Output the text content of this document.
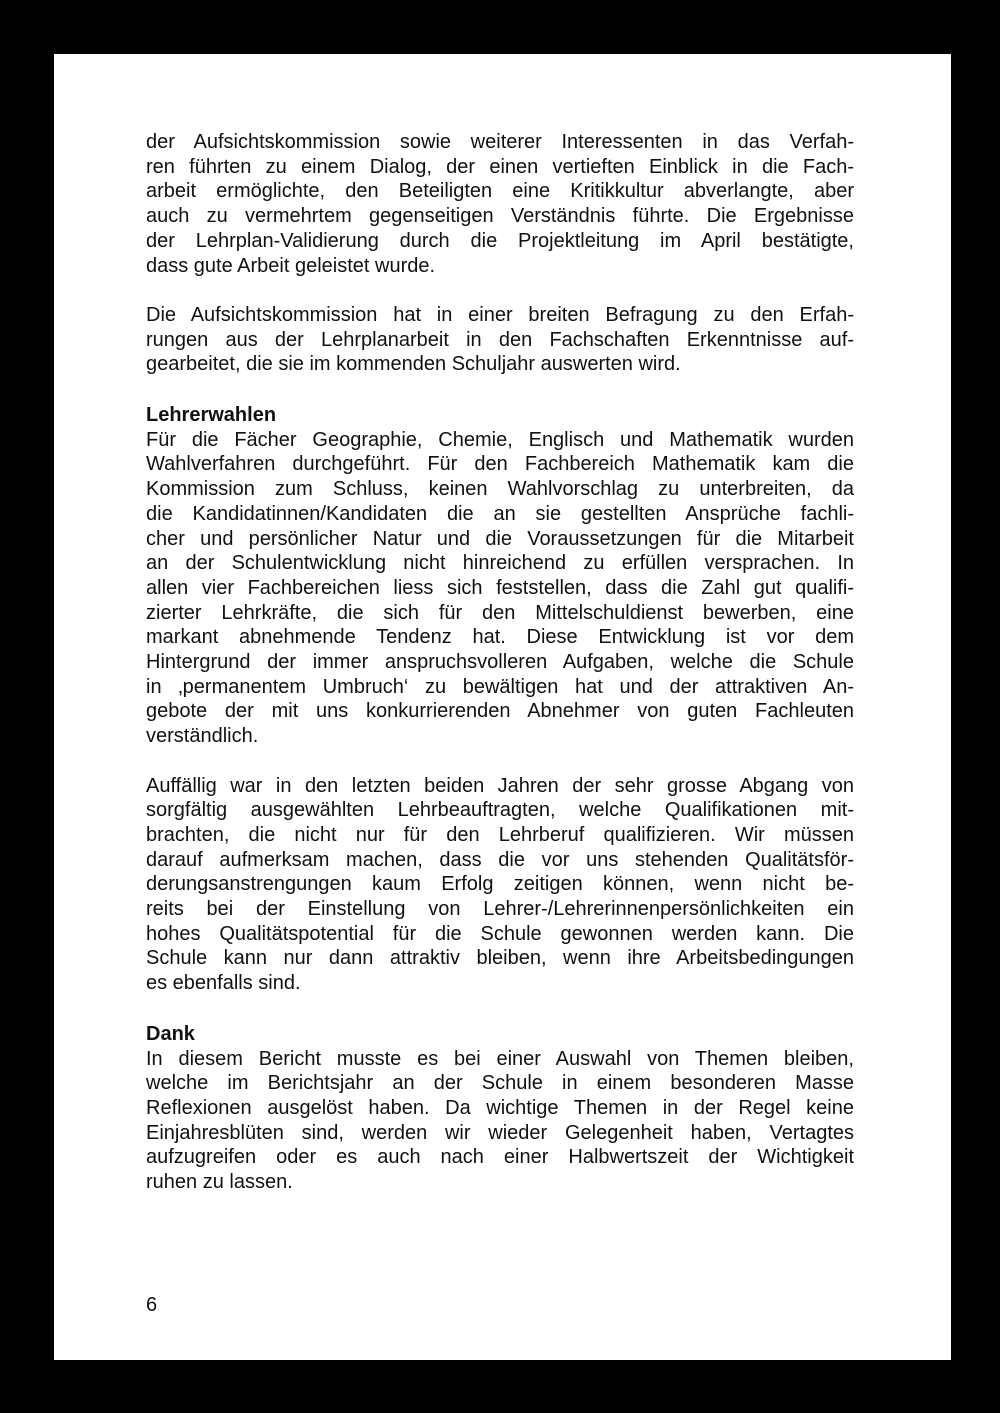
der Aufsichtskommission sowie weiterer Interessenten in das Verfah-
ren führten zu einem Dialog, der einen vertieften Einblick in die Fach-
arbeit ermöglichte, den Beteiligten eine Kritikkultur abverlangte, aber
auch zu vermehrtem gegenseitigen Verständnis führte. Die Ergebnisse
der Lehrplan-Validierung durch die Projektleitung im April bestätigte,
dass gute Arbeit geleistet wurde.
Die Aufsichtskommission hat in einer breiten Befragung zu den Erfah-
rungen aus der Lehrplanarbeit in den Fachschaften Erkenntnisse auf-
gearbeitet, die sie im kommenden Schuljahr auswerten wird.
Lehrerwahlen
Für die Fächer Geographie, Chemie, Englisch und Mathematik wurden
Wahlverfahren durchgeführt. Für den Fachbereich Mathematik kam die
Kommission zum Schluss, keinen Wahlvorschlag zu unterbreiten, da
die Kandidatinnen/Kandidaten die an sie gestellten Ansprüche fachli-
cher und persönlicher Natur und die Voraussetzungen für die Mitarbeit
an der Schulentwicklung nicht hinreichend zu erfüllen versprachen. In
allen vier Fachbereichen liess sich feststellen, dass die Zahl gut qualifi-
zierter Lehrkräfte, die sich für den Mittelschuldienst bewerben, eine
markant abnehmende Tendenz hat. Diese Entwicklung ist vor dem
Hintergrund der immer anspruchsvolleren Aufgaben, welche die Schule
in ‚permanentem Umbruch‘ zu bewältigen hat und der attraktiven An-
gebote der mit uns konkurrierenden Abnehmer von guten Fachleuten
verständlich.
Auffällig war in den letzten beiden Jahren der sehr grosse Abgang von
sorgfältig ausgewählten Lehrbeauftragten, welche Qualifikationen mit-
brachten, die nicht nur für den Lehrberuf qualifizieren. Wir müssen
darauf aufmerksam machen, dass die vor uns stehenden Qualitätsför-
derungsanstrengungen kaum Erfolg zeitigen können, wenn nicht be-
reits bei der Einstellung von Lehrer-/Lehrerinnenpersönlichkeiten ein
hohes Qualitätspotential für die Schule gewonnen werden kann. Die
Schule kann nur dann attraktiv bleiben, wenn ihre Arbeitsbedingungen
es ebenfalls sind.
Dank
In diesem Bericht musste es bei einer Auswahl von Themen bleiben,
welche im Berichtsjahr an der Schule in einem besonderen Masse
Reflexionen ausgelöst haben. Da wichtige Themen in der Regel keine
Einjahresblüten sind, werden wir wieder Gelegenheit haben, Vertagtes
aufzugreifen oder es auch nach einer Halbwertszeit der Wichtigkeit
ruhen zu lassen.
6
